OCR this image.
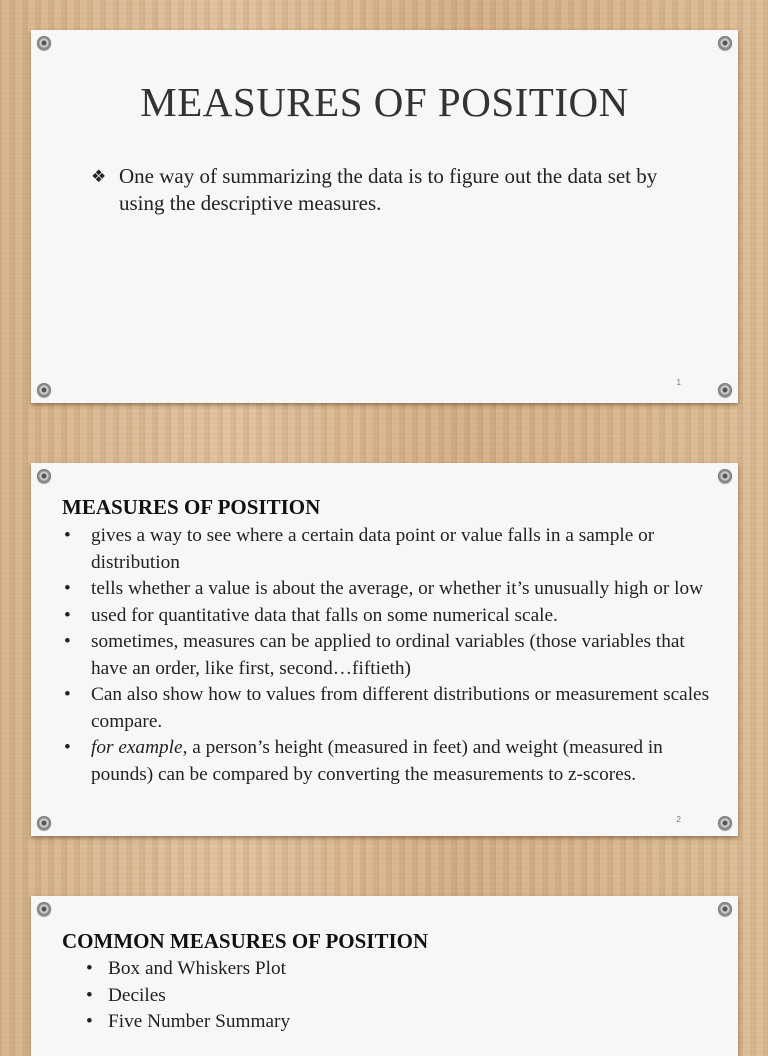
MEASURES OF POSITION
❖ One way of summarizing the data is to figure out the data set by using the descriptive measures.
1
MEASURES OF POSITION
• gives a way to see where a certain data point or value falls in a sample or distribution
• tells whether a value is about the average, or whether it’s unusually high or low
• used for quantitative data that falls on some numerical scale.
• sometimes, measures can be applied to ordinal variables (those variables that have an order, like first, second…fiftieth)
• Can also show how to values from different distributions or measurement scales compare.
• for example, a person’s height (measured in feet) and weight (measured in pounds) can be compared by converting the measurements to z-scores.
2
COMMON MEASURES OF POSITION
• Box and Whiskers Plot
• Deciles
• Five Number Summary
